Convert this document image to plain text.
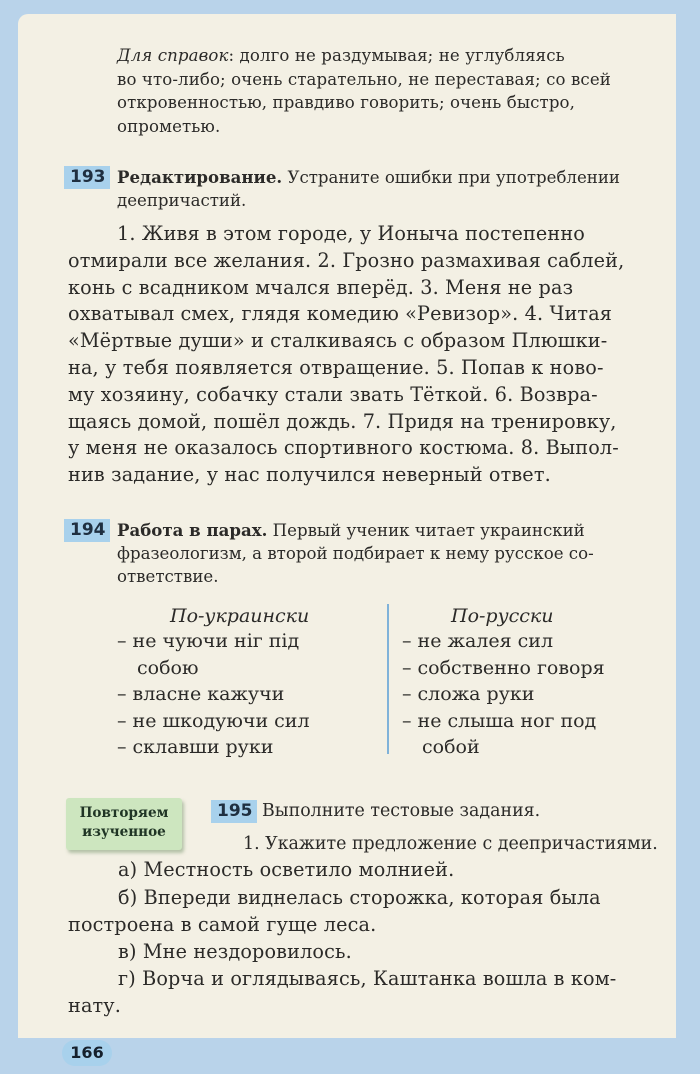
Для справок: долго не раздумывая; не углубляясь

во что-либо; очень старательно, не переставая; со всей

откровенностью, правдиво говорить; очень быстро,

опрометью.

193 Редактирование. Устраните ошибки при употреблении

деепричастий.

1. Живя в этом городе, у Ионыча постепенно

отмирали все желания. 2. Грозно размахивая саблей,

конь с всадником мчался вперёд. 3. Меня не раз

охватывал смех, глядя комедию «Ревизор». 4. Читая

«Мёртвые души» и сталкиваясь с образом Плюшки-

на, у тебя появляется отвращение. 5. Попав к ново-

му хозяину, собачку стали звать Тёткой. 6. Возвра-

щаясь домой, пошёл дождь. 7. Придя на тренировку,

у меня не оказалось спортивного костюма. 8. Выпол-

нив задание, у нас получился неверный ответ.

194 Работа в парах. Первый ученик читает украинский

фразеологизм, а второй подбирает к нему русское со-

ответствие.

По-украински

– не чуючи ніг під

собою

– власне кажучи

– не шкодуючи сил

– склавши руки

По-русски

– не жалея сил

– собственно говоря

– сложа руки

– не слыша ног под

собой

Повторяем
изученное
195 Выполните тестовые задания.

1. Укажите предложение с деепричастиями.

а) Местность осветило молнией.

б) Впереди виднелась сторожка, которая была

построена в самой гуще леса.

в) Мне нездоровилось.

г) Ворча и оглядываясь, Каштанка вошла в ком-

нату.

166
